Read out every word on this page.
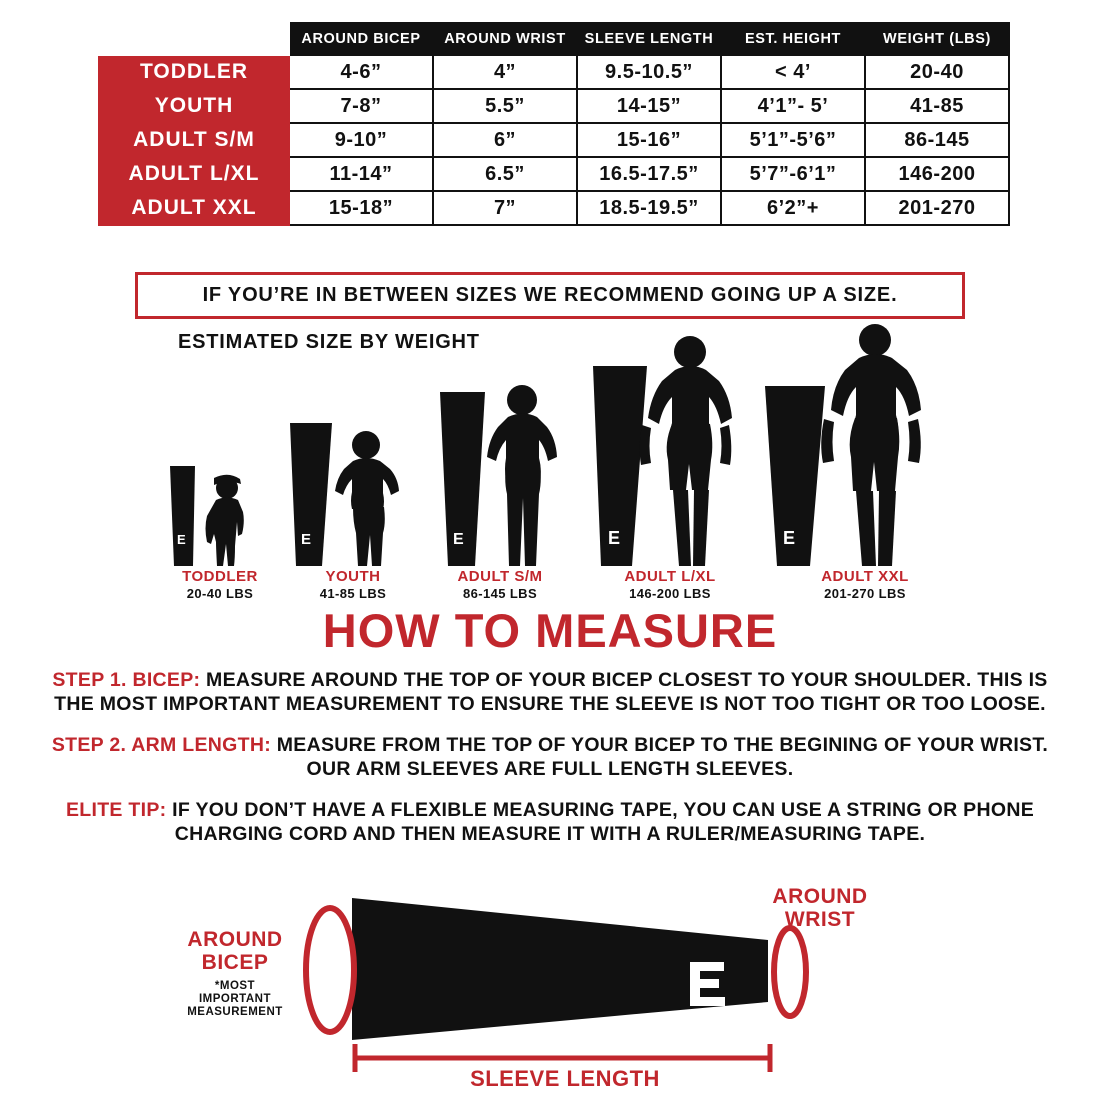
	AROUND BICEP	AROUND WRIST	SLEEVE LENGTH	EST. HEIGHT	WEIGHT (LBS)
TODDLER	4-6”	4”	9.5-10.5”	< 4’	20-40
YOUTH	7-8”	5.5”	14-15”	4’1”- 5’	41-85
ADULT S/M	9-10”	6”	15-16”	5’1”-5’6”	86-145
ADULT L/XL	11-14”	6.5”	16.5-17.5”	5’7”-6’1”	146-200
ADULT XXL	15-18”	7”	18.5-19.5”	6’2”+	201-270
IF YOU’RE IN BETWEEN SIZES WE RECOMMEND GOING UP A SIZE.
ESTIMATED SIZE BY WEIGHT
E	E	E	E	E
TODDLER
20-40 LBS
YOUTH
41-85 LBS
ADULT S/M
86-145 LBS
ADULT L/XL
146-200 LBS
ADULT XXL
201-270 LBS
HOW TO MEASURE
STEP 1. BICEP: MEASURE AROUND THE TOP OF YOUR BICEP CLOSEST TO YOUR SHOULDER. THIS IS THE MOST IMPORTANT MEASUREMENT TO ENSURE THE SLEEVE IS NOT TOO TIGHT OR TOO LOOSE.
STEP 2. ARM LENGTH: MEASURE FROM THE TOP OF YOUR BICEP TO THE BEGINING OF YOUR WRIST. OUR ARM SLEEVES ARE FULL LENGTH SLEEVES.
ELITE TIP: IF YOU DON’T HAVE A FLEXIBLE MEASURING TAPE, YOU CAN USE A STRING OR PHONE CHARGING CORD AND THEN MEASURE IT WITH A RULER/MEASURING TAPE.
AROUND
BICEP
*MOST
IMPORTANT
MEASUREMENT
AROUND
WRIST
SLEEVE LENGTH
